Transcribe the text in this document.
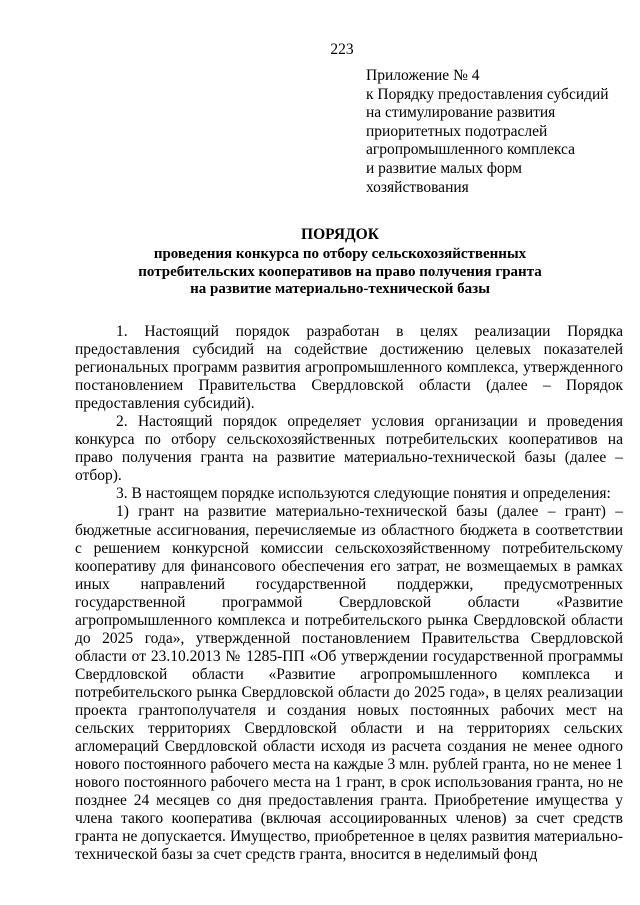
223
Приложение № 4
к Порядку предоставления субсидий
на стимулирование развития
приоритетных подотраслей
агропромышленного комплекса
и развитие малых форм
хозяйствования
ПОРЯДОК
проведения конкурса по отбору сельскохозяйственных
потребительских кооперативов на право получения гранта
на развитие материально-технической базы

1. Настоящий порядок разработан в целях реализации Порядка предоставления субсидий на содействие достижению целевых показателей региональных программ развития агропромышленного комплекса, утвержденного постановлением Правительства Свердловской области (далее – Порядок предоставления субсидий).

2. Настоящий порядок определяет условия организации и проведения конкурса по отбору сельскохозяйственных потребительских кооперативов на право получения гранта на развитие материально-технической базы (далее – отбор).

3. В настоящем порядке используются следующие понятия и определения:

1) грант на развитие материально-технической базы (далее – грант) – бюджетные ассигнования, перечисляемые из областного бюджета в соответствии с решением конкурсной комиссии сельскохозяйственному потребительскому кооперативу для финансового обеспечения его затрат, не возмещаемых в рамках иных направлений государственной поддержки, предусмотренных государственной программой Свердловской области «Развитие агропромышленного комплекса и потребительского рынка Свердловской области до 2025 года», утвержденной постановлением Правительства Свердловской области от 23.10.2013 № 1285-ПП «Об утверждении государственной программы Свердловской области «Развитие агропромышленного комплекса и потребительского рынка Свердловской области до 2025 года», в целях реализации проекта грантополучателя и создания новых постоянных рабочих мест на сельских территориях Свердловской области и на территориях сельских агломераций Свердловской области исходя из расчета создания не менее одного нового постоянного рабочего места на каждые 3 млн. рублей гранта, но не менее 1 нового постоянного рабочего места на 1 грант, в срок использования гранта, но не позднее 24 месяцев со дня предоставления гранта. Приобретение имущества у члена такого кооператива (включая ассоциированных членов) за счет средств гранта не допускается. Имущество, приобретенное в целях развития материально-технической базы за счет средств гранта, вносится в неделимый фонд
